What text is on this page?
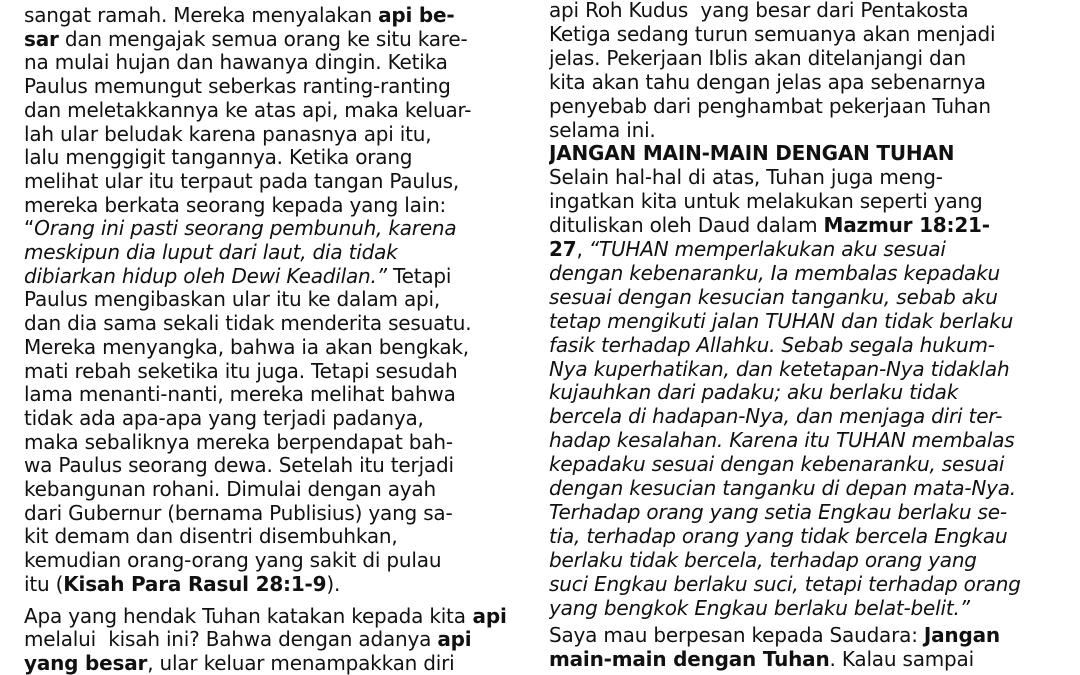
sangat ramah. Mereka menyalakan api be-
sar dan mengajak semua orang ke situ kare-
na mulai hujan dan hawanya dingin. Ketika
Paulus memungut seberkas ranting-ranting
dan meletakkannya ke atas api, maka keluar-
lah ular beludak karena panasnya api itu,
lalu menggigit tangannya. Ketika orang
melihat ular itu terpaut pada tangan Paulus,
mereka berkata seorang kepada yang lain:
“Orang ini pasti seorang pembunuh, karena
meskipun dia luput dari laut, dia tidak
dibiarkan hidup oleh Dewi Keadilan.” Tetapi
Paulus mengibaskan ular itu ke dalam api,
dan dia sama sekali tidak menderita sesuatu.
Mereka menyangka, bahwa ia akan bengkak,
mati rebah seketika itu juga. Tetapi sesudah
lama menanti-nanti, mereka melihat bahwa
tidak ada apa-apa yang terjadi padanya,
maka sebaliknya mereka berpendapat bah-
wa Paulus seorang dewa. Setelah itu terjadi
kebangunan rohani. Dimulai dengan ayah
dari Gubernur (bernama Publisius) yang sa-
kit demam dan disentri disembuhkan,
kemudian orang-orang yang sakit di pulau
itu (Kisah Para Rasul 28:1-9).
Apa yang hendak Tuhan katakan kepada kita api
melalui  kisah ini? Bahwa dengan adanya api
yang besar, ular keluar menampakkan diri
api Roh Kudus  yang besar dari Pentakosta
Ketiga sedang turun semuanya akan menjadi
jelas. Pekerjaan Iblis akan ditelanjangi dan
kita akan tahu dengan jelas apa sebenarnya
penyebab dari penghambat pekerjaan Tuhan
selama ini.
JANGAN MAIN-MAIN DENGAN TUHAN
Selain hal-hal di atas, Tuhan juga meng-
ingatkan kita untuk melakukan seperti yang
dituliskan oleh Daud dalam Mazmur 18:21-
27, “TUHAN memperlakukan aku sesuai
dengan kebenaranku, Ia membalas kepadaku
sesuai dengan kesucian tanganku, sebab aku
tetap mengikuti jalan TUHAN dan tidak berlaku
fasik terhadap Allahku. Sebab segala hukum-
Nya kuperhatikan, dan ketetapan-Nya tidaklah
kujauhkan dari padaku; aku berlaku tidak
bercela di hadapan-Nya, dan menjaga diri ter-
hadap kesalahan. Karena itu TUHAN membalas
kepadaku sesuai dengan kebenaranku, sesuai
dengan kesucian tanganku di depan mata-Nya.
Terhadap orang yang setia Engkau berlaku se-
tia, terhadap orang yang tidak bercela Engkau
berlaku tidak bercela, terhadap orang yang
suci Engkau berlaku suci, tetapi terhadap orang
yang bengkok Engkau berlaku belat-belit.”
Saya mau berpesan kepada Saudara: Jangan
main-main dengan Tuhan. Kalau sampai
